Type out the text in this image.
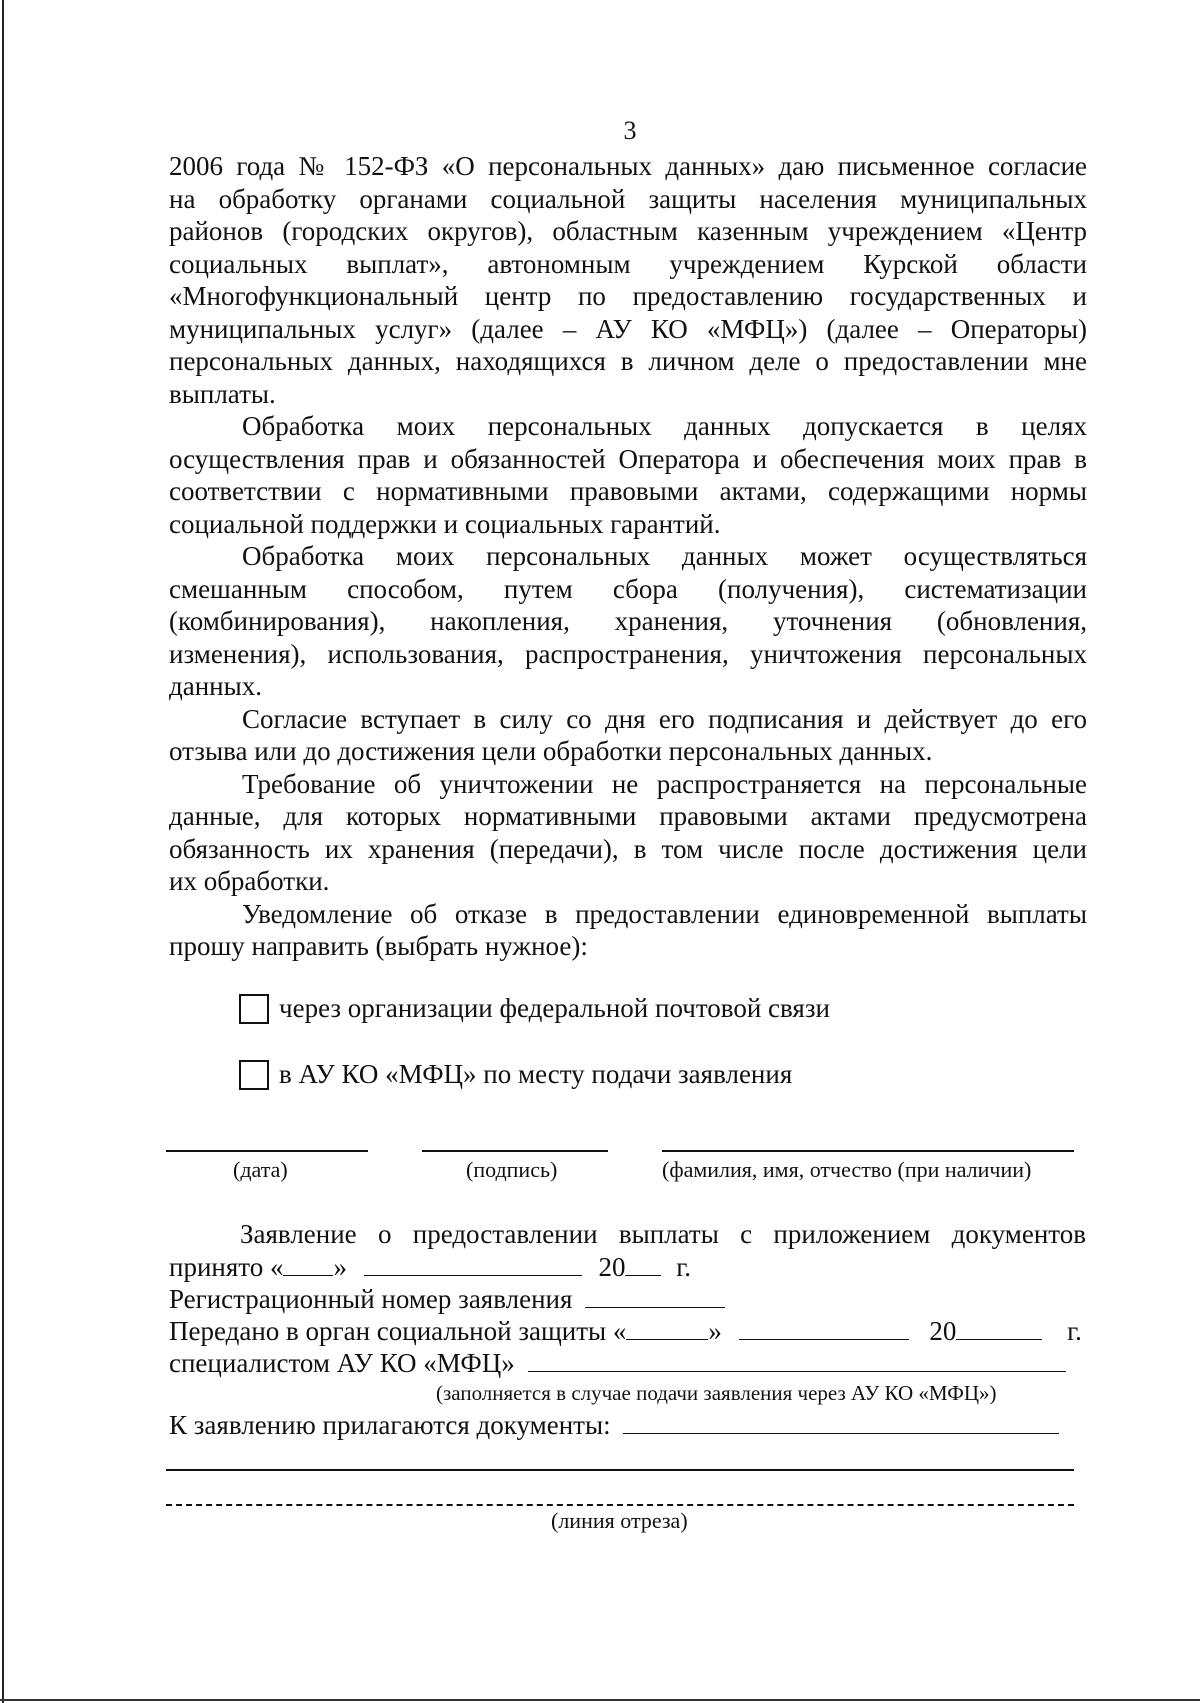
3

2006 года № 152-ФЗ «О персональных данных» даю письменное согласие

на обработку органами социальной защиты населения муниципальных

районов (городских округов), областным казенным учреждением «Центр

социальных выплат», автономным учреждением Курской области

«Многофункциональный центр по предоставлению государственных и

муниципальных услуг» (далее – АУ КО «МФЦ») (далее – Операторы)

персональных данных, находящихся в личном деле о предоставлении мне

выплаты.

Обработка моих персональных данных допускается в целях

осуществления прав и обязанностей Оператора и обеспечения моих прав в

соответствии с нормативными правовыми актами, содержащими нормы

социальной поддержки и социальных гарантий.

Обработка моих персональных данных может осуществляться

смешанным способом, путем сбора (получения), систематизации

(комбинирования), накопления, хранения, уточнения (обновления,

изменения), использования, распространения, уничтожения персональных

данных.

Согласие вступает в силу со дня его подписания и действует до его

отзыва или до достижения цели обработки персональных данных.

Требование об уничтожении не распространяется на персональные

данные, для которых нормативными правовыми актами предусмотрена

обязанность их хранения (передачи), в том числе после достижения цели

их обработки.

Уведомление об отказе в предоставлении единовременной выплаты

прошу направить (выбрать нужное):

через организации федеральной почтовой связи
в АУ КО «МФЦ» по месту подачи заявления
(дата)	(подпись)	(фамилия, имя, отчество (при наличии)
Заявление о предоставлении выплаты с приложением документов
принято « »	20 г.
Регистрационный номер заявления
Передано в орган социальной защиты «	»	20	г.
специалистом АУ КО «МФЦ»
(заполняется в случае подачи заявления через АУ КО «МФЦ»)
К заявлению прилагаются документы:
(линия отреза)
